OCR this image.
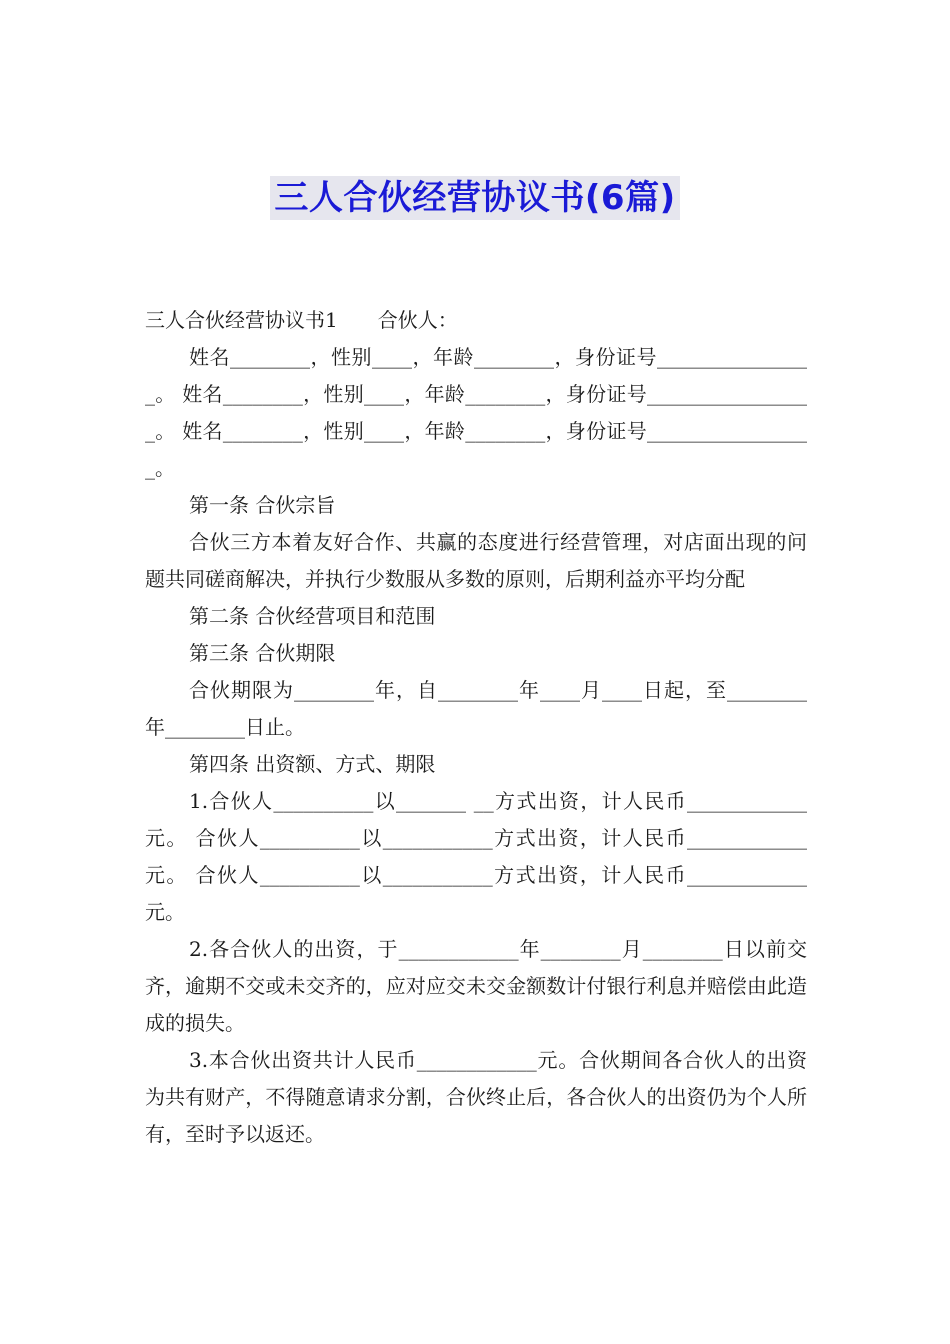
三人合伙经营协议书(6篇)

三人合伙经营协议书1　　合伙人：

姓名________，性别____，年龄________，身份证号________________。 姓名________，性别____，年龄________，身份证号_________________。 姓名________，性别____，年龄________，身份证号_________________。

第一条 合伙宗旨

合伙三方本着友好合作、共赢的态度进行经营管理，对店面出现的问题共同磋商解决，并执行少数服从多数的原则，后期利益亦平均分配

第二条 合伙经营项目和范围

第三条 合伙期限

合伙期限为________年，自________年____月____日起，至________年________日止。

第四条 出资额、方式、期限

1.合伙人__________以_______ __方式出资，计人民币____________元。 合伙人__________以___________方式出资，计人民币____________元。 合伙人__________以___________方式出资，计人民币____________元。

2.各合伙人的出资，于____________年________月________日以前交齐，逾期不交或未交齐的，应对应交未交金额数计付银行利息并赔偿由此造成的损失。

3.本合伙出资共计人民币____________元。合伙期间各合伙人的出资 为共有财产，不得随意请求分割，合伙终止后，各合伙人的出资仍为个人所有，至时予以返还。
